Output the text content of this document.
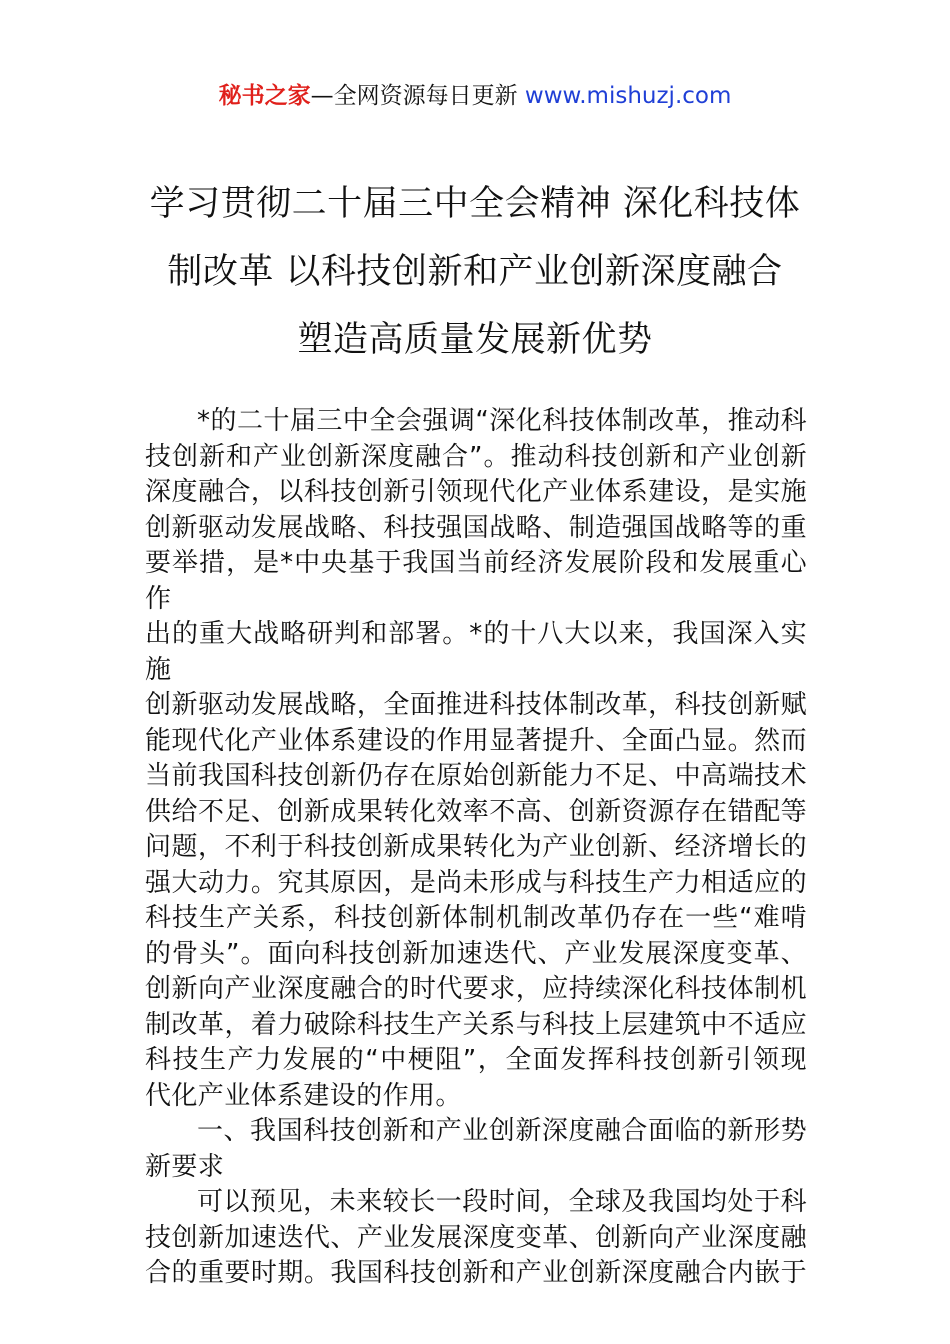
秘书之家—全网资源每日更新 www.mishuzj.com
学习贯彻二十届三中全会精神 深化科技体
制改革 以科技创新和产业创新深度融合
塑造高质量发展新优势
*的二十届三中全会强调“深化科技体制改革，推动科
技创新和产业创新深度融合”。推动科技创新和产业创新
深度融合，以科技创新引领现代化产业体系建设，是实施
创新驱动发展战略、科技强国战略、制造强国战略等的重
要举措，是*中央基于我国当前经济发展阶段和发展重心作
出的重大战略研判和部署。*的十八大以来，我国深入实施
创新驱动发展战略，全面推进科技体制改革，科技创新赋
能现代化产业体系建设的作用显著提升、全面凸显。然而
当前我国科技创新仍存在原始创新能力不足、中高端技术
供给不足、创新成果转化效率不高、创新资源存在错配等
问题，不利于科技创新成果转化为产业创新、经济增长的
强大动力。究其原因，是尚未形成与科技生产力相适应的
科技生产关系，科技创新体制机制改革仍存在一些“难啃
的骨头”。面向科技创新加速迭代、产业发展深度变革、
创新向产业深度融合的时代要求，应持续深化科技体制机
制改革，着力破除科技生产关系与科技上层建筑中不适应
科技生产力发展的“中梗阻”，全面发挥科技创新引领现
代化产业体系建设的作用。
一、我国科技创新和产业创新深度融合面临的新形势
新要求
可以预见，未来较长一段时间，全球及我国均处于科
技创新加速迭代、产业发展深度变革、创新向产业深度融
合的重要时期。我国科技创新和产业创新深度融合内嵌于
